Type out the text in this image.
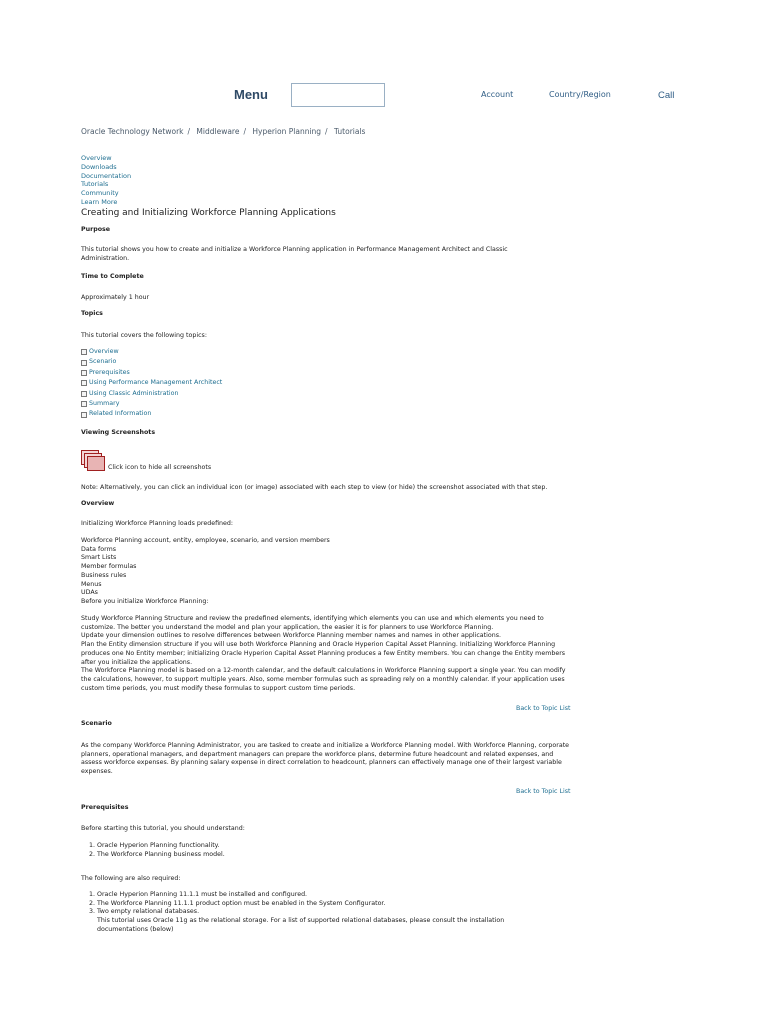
Menu	Account	Country/Region	Call
Oracle Technology Network / Middleware / Hyperion Planning / Tutorials
Overview
Downloads
Documentation
Tutorials
Community
Learn More
Creating and Initializing Workforce Planning Applications
Purpose
This tutorial shows you how to create and initialize a Workforce Planning application in Performance Management Architect and Classic Administration.
Time to Complete
Approximately 1 hour
Topics
This tutorial covers the following topics:
Overview
Scenario
Prerequisites
Using Performance Management Architect
Using Classic Administration
Summary
Related Information
Viewing Screenshots
Click icon to hide all screenshots
Note: Alternatively, you can click an individual icon (or image) associated with each step to view (or hide) the screenshot associated with that step.
Overview
Initializing Workforce Planning loads predefined:
Workforce Planning account, entity, employee, scenario, and version members
Data forms
Smart Lists
Member formulas
Business rules
Menus
UDAs
Before you initialize Workforce Planning:
Study Workforce Planning Structure and review the predefined elements, identifying which elements you can use and which elements you need to customize. The better you understand the model and plan your application, the easier it is for planners to use Workforce Planning.
Update your dimension outlines to resolve differences between Workforce Planning member names and names in other applications.
Plan the Entity dimension structure if you will use both Workforce Planning and Oracle Hyperion Capital Asset Planning. Initializing Workforce Planning produces one No Entity member; initializing Oracle Hyperion Capital Asset Planning produces a few Entity members. You can change the Entity members after you initialize the applications.
The Workforce Planning model is based on a 12-month calendar, and the default calculations in Workforce Planning support a single year. You can modify the calculations, however, to support multiple years. Also, some member formulas such as spreading rely on a monthly calendar. If your application uses custom time periods, you must modify these formulas to support custom time periods.
Back to Topic List
Scenario
As the company Workforce Planning Administrator, you are tasked to create and initialize a Workforce Planning model. With Workforce Planning, corporate planners, operational managers, and department managers can prepare the workforce plans, determine future headcount and related expenses, and assess workforce expenses. By planning salary expense in direct correlation to headcount, planners can effectively manage one of their largest variable expenses.
Back to Topic List
Prerequisites
Before starting this tutorial, you should understand:
1. Oracle Hyperion Planning functionality.
2. The Workforce Planning business model.
The following are also required:
1. Oracle Hyperion Planning 11.1.1 must be installed and configured.
2. The Workforce Planning 11.1.1 product option must be enabled in the System Configurator.
3. Two empty relational databases.
This tutorial uses Oracle 11g as the relational storage. For a list of supported relational databases, please consult the installation documentations (below)
